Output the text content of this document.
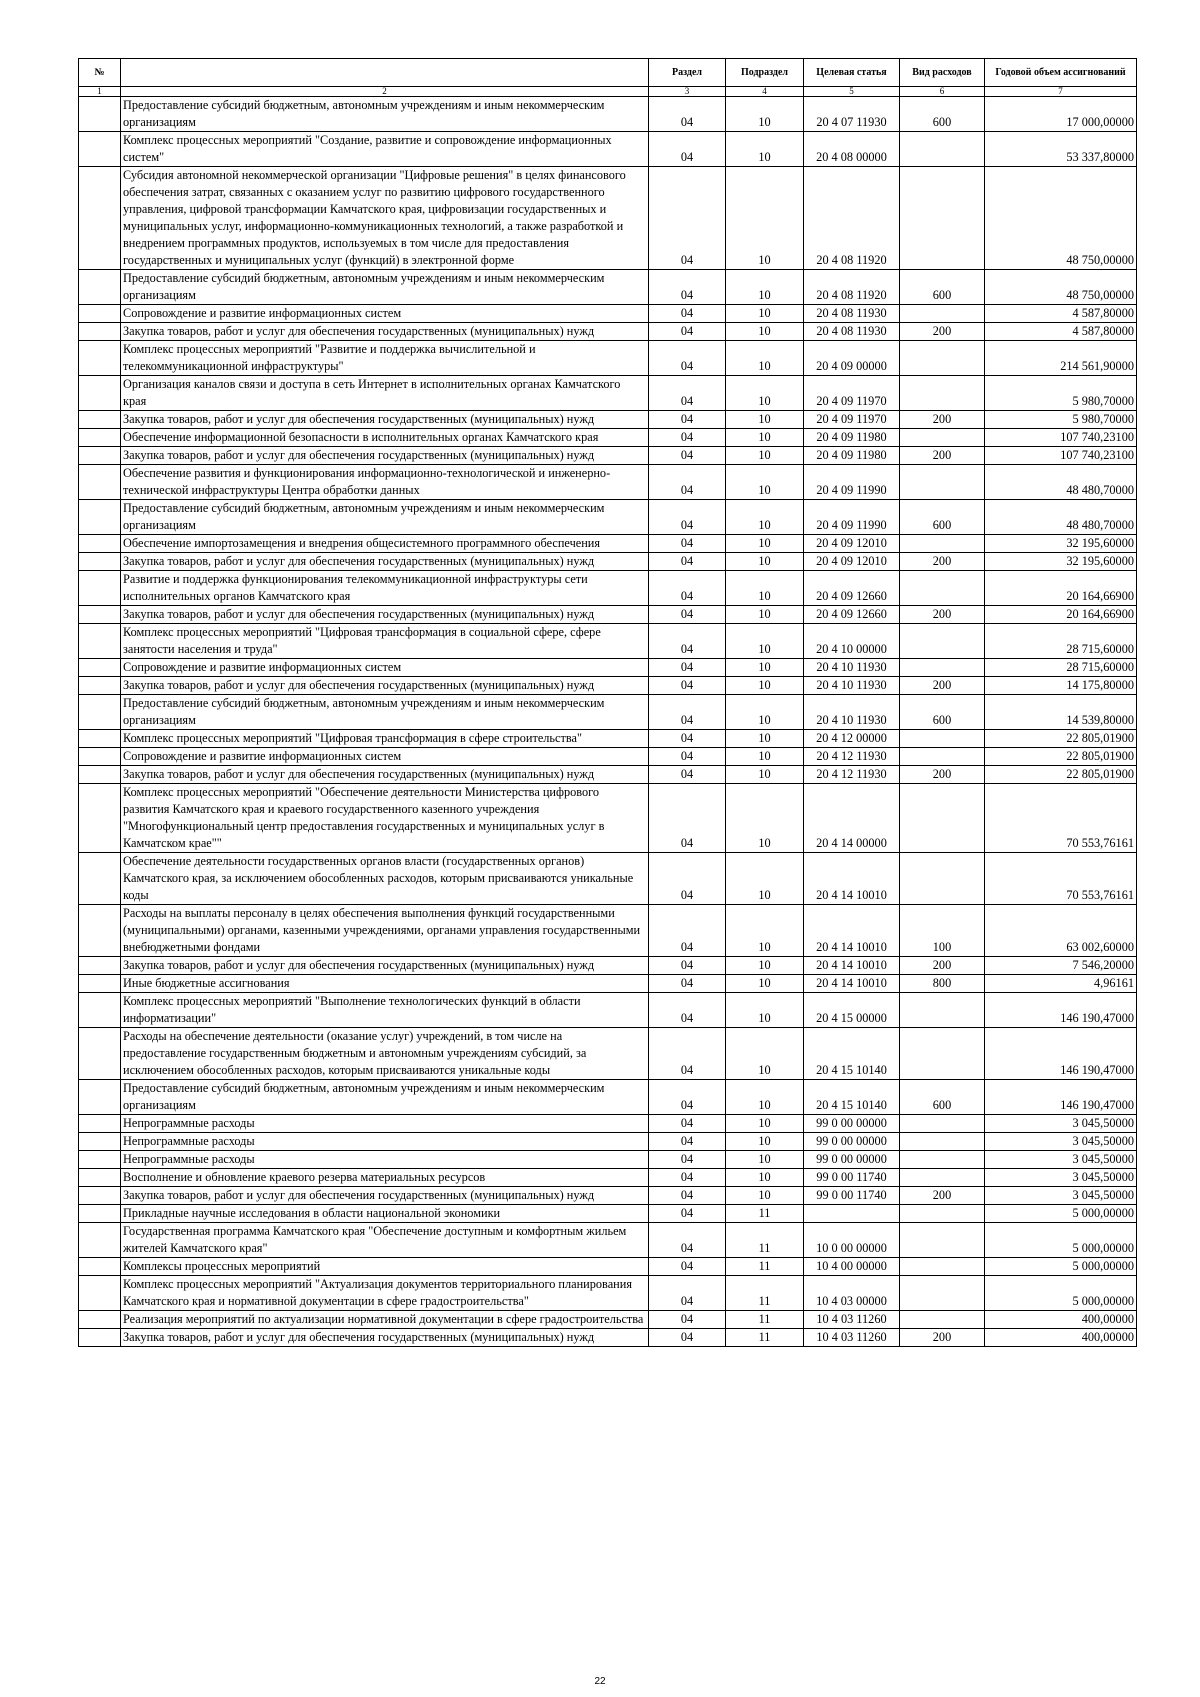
№		Раздел	Подраздел	Целевая статья	Вид расходов	Годовой объем ассигнований
1	2	3	4	5	6	7
	Предоставление субсидий бюджетным, автономным учреждениям и иным некоммерческим организациям	04	10	20 4 07 11930	600	17 000,00000
	Комплекс процессных мероприятий "Создание, развитие и сопровождение информационных систем"	04	10	20 4 08 00000		53 337,80000
	Субсидия автономной некоммерческой организации "Цифровые решения" в целях финансового обеспечения затрат, связанных с оказанием услуг по развитию цифрового государственного управления, цифровой трансформации Камчатского края, цифровизации государственных и муниципальных услуг, информационно-коммуникационных технологий, а также разработкой и внедрением программных продуктов, используемых в том числе для предоставления государственных и муниципальных услуг (функций) в электронной форме	04	10	20 4 08 11920		48 750,00000
	Предоставление субсидий бюджетным, автономным учреждениям и иным некоммерческим организациям	04	10	20 4 08 11920	600	48 750,00000
	Сопровождение и развитие информационных систем	04	10	20 4 08 11930		4 587,80000
	Закупка товаров, работ и услуг для обеспечения государственных (муниципальных) нужд	04	10	20 4 08 11930	200	4 587,80000
	Комплекс процессных мероприятий "Развитие и поддержка вычислительной и телекоммуникационной инфраструктуры"	04	10	20 4 09 00000		214 561,90000
	Организация каналов связи и доступа в сеть Интернет в исполнительных органах Камчатского края	04	10	20 4 09 11970		5 980,70000
	Закупка товаров, работ и услуг для обеспечения государственных (муниципальных) нужд	04	10	20 4 09 11970	200	5 980,70000
	Обеспечение информационной безопасности в исполнительных органах Камчатского края	04	10	20 4 09 11980		107 740,23100
	Закупка товаров, работ и услуг для обеспечения государственных (муниципальных) нужд	04	10	20 4 09 11980	200	107 740,23100
	Обеспечение развития и функционирования информационно-технологической и инженерно-технической инфраструктуры Центра обработки данных	04	10	20 4 09 11990		48 480,70000
	Предоставление субсидий бюджетным, автономным учреждениям и иным некоммерческим организациям	04	10	20 4 09 11990	600	48 480,70000
	Обеспечение импортозамещения и внедрения общесистемного программного обеспечения	04	10	20 4 09 12010		32 195,60000
	Закупка товаров, работ и услуг для обеспечения государственных (муниципальных) нужд	04	10	20 4 09 12010	200	32 195,60000
	Развитие и поддержка функционирования телекоммуникационной инфраструктуры сети исполнительных органов Камчатского края	04	10	20 4 09 12660		20 164,66900
	Закупка товаров, работ и услуг для обеспечения государственных (муниципальных) нужд	04	10	20 4 09 12660	200	20 164,66900
	Комплекс процессных мероприятий "Цифровая трансформация в социальной сфере, сфере занятости населения и труда"	04	10	20 4 10 00000		28 715,60000
	Сопровождение и развитие информационных систем	04	10	20 4 10 11930		28 715,60000
	Закупка товаров, работ и услуг для обеспечения государственных (муниципальных) нужд	04	10	20 4 10 11930	200	14 175,80000
	Предоставление субсидий бюджетным, автономным учреждениям и иным некоммерческим организациям	04	10	20 4 10 11930	600	14 539,80000
	Комплекс процессных мероприятий "Цифровая трансформация в сфере строительства"	04	10	20 4 12 00000		22 805,01900
	Сопровождение и развитие информационных систем	04	10	20 4 12 11930		22 805,01900
	Закупка товаров, работ и услуг для обеспечения государственных (муниципальных) нужд	04	10	20 4 12 11930	200	22 805,01900
	Комплекс процессных мероприятий "Обеспечение деятельности Министерства цифрового развития Камчатского края и краевого государственного казенного учреждения "Многофункциональный центр предоставления государственных и муниципальных услуг в Камчатском крае""	04	10	20 4 14 00000		70 553,76161
	Обеспечение деятельности государственных органов власти (государственных органов) Камчатского края, за исключением обособленных расходов, которым присваиваются уникальные коды	04	10	20 4 14 10010		70 553,76161
	Расходы на выплаты персоналу в целях обеспечения выполнения функций государственными (муниципальными) органами, казенными учреждениями, органами управления государственными внебюджетными фондами	04	10	20 4 14 10010	100	63 002,60000
	Закупка товаров, работ и услуг для обеспечения государственных (муниципальных) нужд	04	10	20 4 14 10010	200	7 546,20000
	Иные бюджетные ассигнования	04	10	20 4 14 10010	800	4,96161
	Комплекс процессных мероприятий "Выполнение технологических функций в области информатизации"	04	10	20 4 15 00000		146 190,47000
	Расходы на обеспечение деятельности (оказание услуг) учреждений, в том числе на предоставление государственным бюджетным и автономным учреждениям субсидий, за исключением обособленных расходов, которым присваиваются уникальные коды	04	10	20 4 15 10140		146 190,47000
	Предоставление субсидий бюджетным, автономным учреждениям и иным некоммерческим организациям	04	10	20 4 15 10140	600	146 190,47000
	Непрограммные расходы	04	10	99 0 00 00000		3 045,50000
	Непрограммные расходы	04	10	99 0 00 00000		3 045,50000
	Непрограммные расходы	04	10	99 0 00 00000		3 045,50000
	Восполнение и обновление краевого резерва материальных ресурсов	04	10	99 0 00 11740		3 045,50000
	Закупка товаров, работ и услуг для обеспечения государственных (муниципальных) нужд	04	10	99 0 00 11740	200	3 045,50000
	Прикладные научные исследования в области национальной экономики	04	11			5 000,00000
	Государственная программа Камчатского края "Обеспечение доступным и комфортным жильем жителей Камчатского края"	04	11	10 0 00 00000		5 000,00000
	Комплексы процессных мероприятий	04	11	10 4 00 00000		5 000,00000
	Комплекс процессных мероприятий "Актуализация документов территориального планирования Камчатского края и нормативной документации в сфере градостроительства"	04	11	10 4 03 00000		5 000,00000
	Реализация мероприятий по актуализации нормативной документации в сфере градостроительства	04	11	10 4 03 11260		400,00000
	Закупка товаров, работ и услуг для обеспечения государственных (муниципальных) нужд	04	11	10 4 03 11260	200	400,00000
22
